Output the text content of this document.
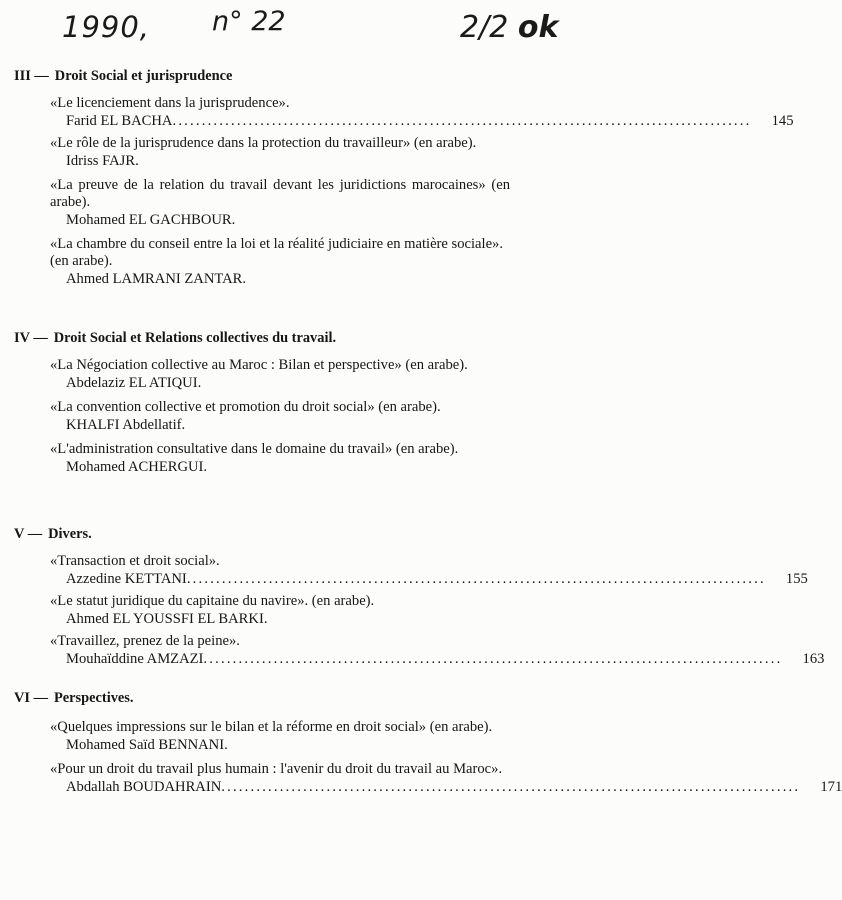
1990, n° 22	2/2 ok
III — Droit Social et jurisprudence
«Le licenciement dans la jurisprudence».
Farid EL BACHA ...................................................................................................	145
«Le rôle de la jurisprudence dans la protection du travailleur» (en arabe).
Idriss FAJR.
«La preuve de la relation du travail devant les juridictions marocaines» (en arabe).
Mohamed EL GACHBOUR.
«La chambre du conseil entre la loi et la réalité judiciaire en matière sociale». (en arabe).
Ahmed LAMRANI ZANTAR.
IV — Droit Social et Relations collectives du travail.
«La Négociation collective au Maroc : Bilan et perspective» (en arabe).
Abdelaziz EL ATIQUI.
«La convention collective et promotion du droit social» (en arabe).
KHALFI Abdellatif.
«L'administration consultative dans le domaine du travail» (en arabe).
Mohamed ACHERGUI.
V — Divers.
«Transaction et droit social».
Azzedine KETTANI ...................................................................................................	155
«Le statut juridique du capitaine du navire». (en arabe).
Ahmed EL YOUSSFI EL BARKI.
«Travaillez, prenez de la peine».
Mouhaïddine AMZAZI ...................................................................................................	163
VI — Perspectives.
«Quelques impressions sur le bilan et la réforme en droit social» (en arabe).
Mohamed Saïd BENNANI.
«Pour un droit du travail plus humain : l'avenir du droit du travail au Maroc».
Abdallah BOUDAHRAIN ...................................................................................................	171
